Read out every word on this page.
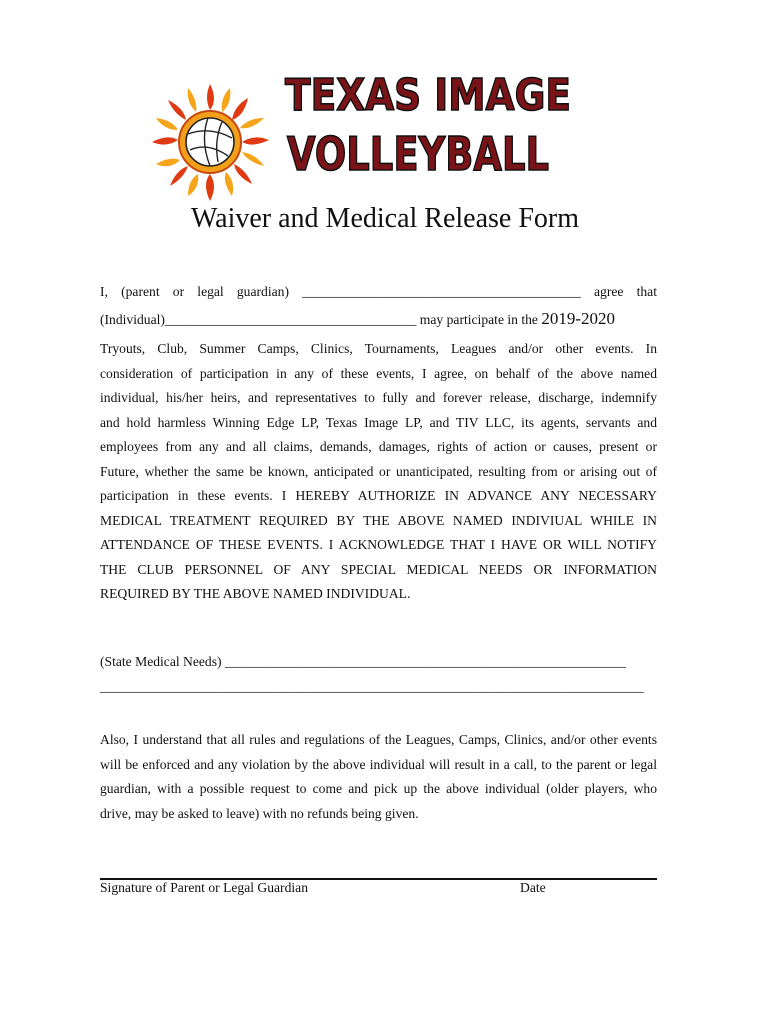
TEXAS IMAGE
VOLLEYBALL
Waiver and Medical Release Form
I, (parent or legal guardian) _________________________________________ agree that
(Individual)_____________________________________ may participate in the 2019-2020
Tryouts, Club, Summer Camps, Clinics, Tournaments, Leagues and/or other events. In
consideration of participation in any of these events, I agree, on behalf of the above named
individual, his/her heirs, and representatives to fully and forever release, discharge, indemnify
and hold harmless Winning Edge LP, Texas Image LP, and TIV LLC, its agents, servants and
employees from any and all claims, demands, damages, rights of action or causes, present or
Future, whether the same be known, anticipated or unanticipated, resulting from or arising out of
participation in these events. I HEREBY AUTHORIZE IN ADVANCE ANY NECESSARY
MEDICAL TREATMENT REQUIRED BY THE ABOVE NAMED INDIVIUAL WHILE IN
ATTENDANCE OF THESE EVENTS. I ACKNOWLEDGE THAT I HAVE OR WILL NOTIFY
THE CLUB PERSONNEL OF ANY SPECIAL MEDICAL NEEDS OR INFORMATION
REQUIRED BY THE ABOVE NAMED INDIVIDUAL.
(State Medical Needs) ___________________________________________________________
________________________________________________________________________________
Also, I understand that all rules and regulations of the Leagues, Camps, Clinics, and/or other events
will be enforced and any violation by the above individual will result in a call, to the parent or legal
guardian, with a possible request to come and pick up the above individual (older players, who
drive, may be asked to leave) with no refunds being given.
Signature of Parent or Legal Guardian	Date
